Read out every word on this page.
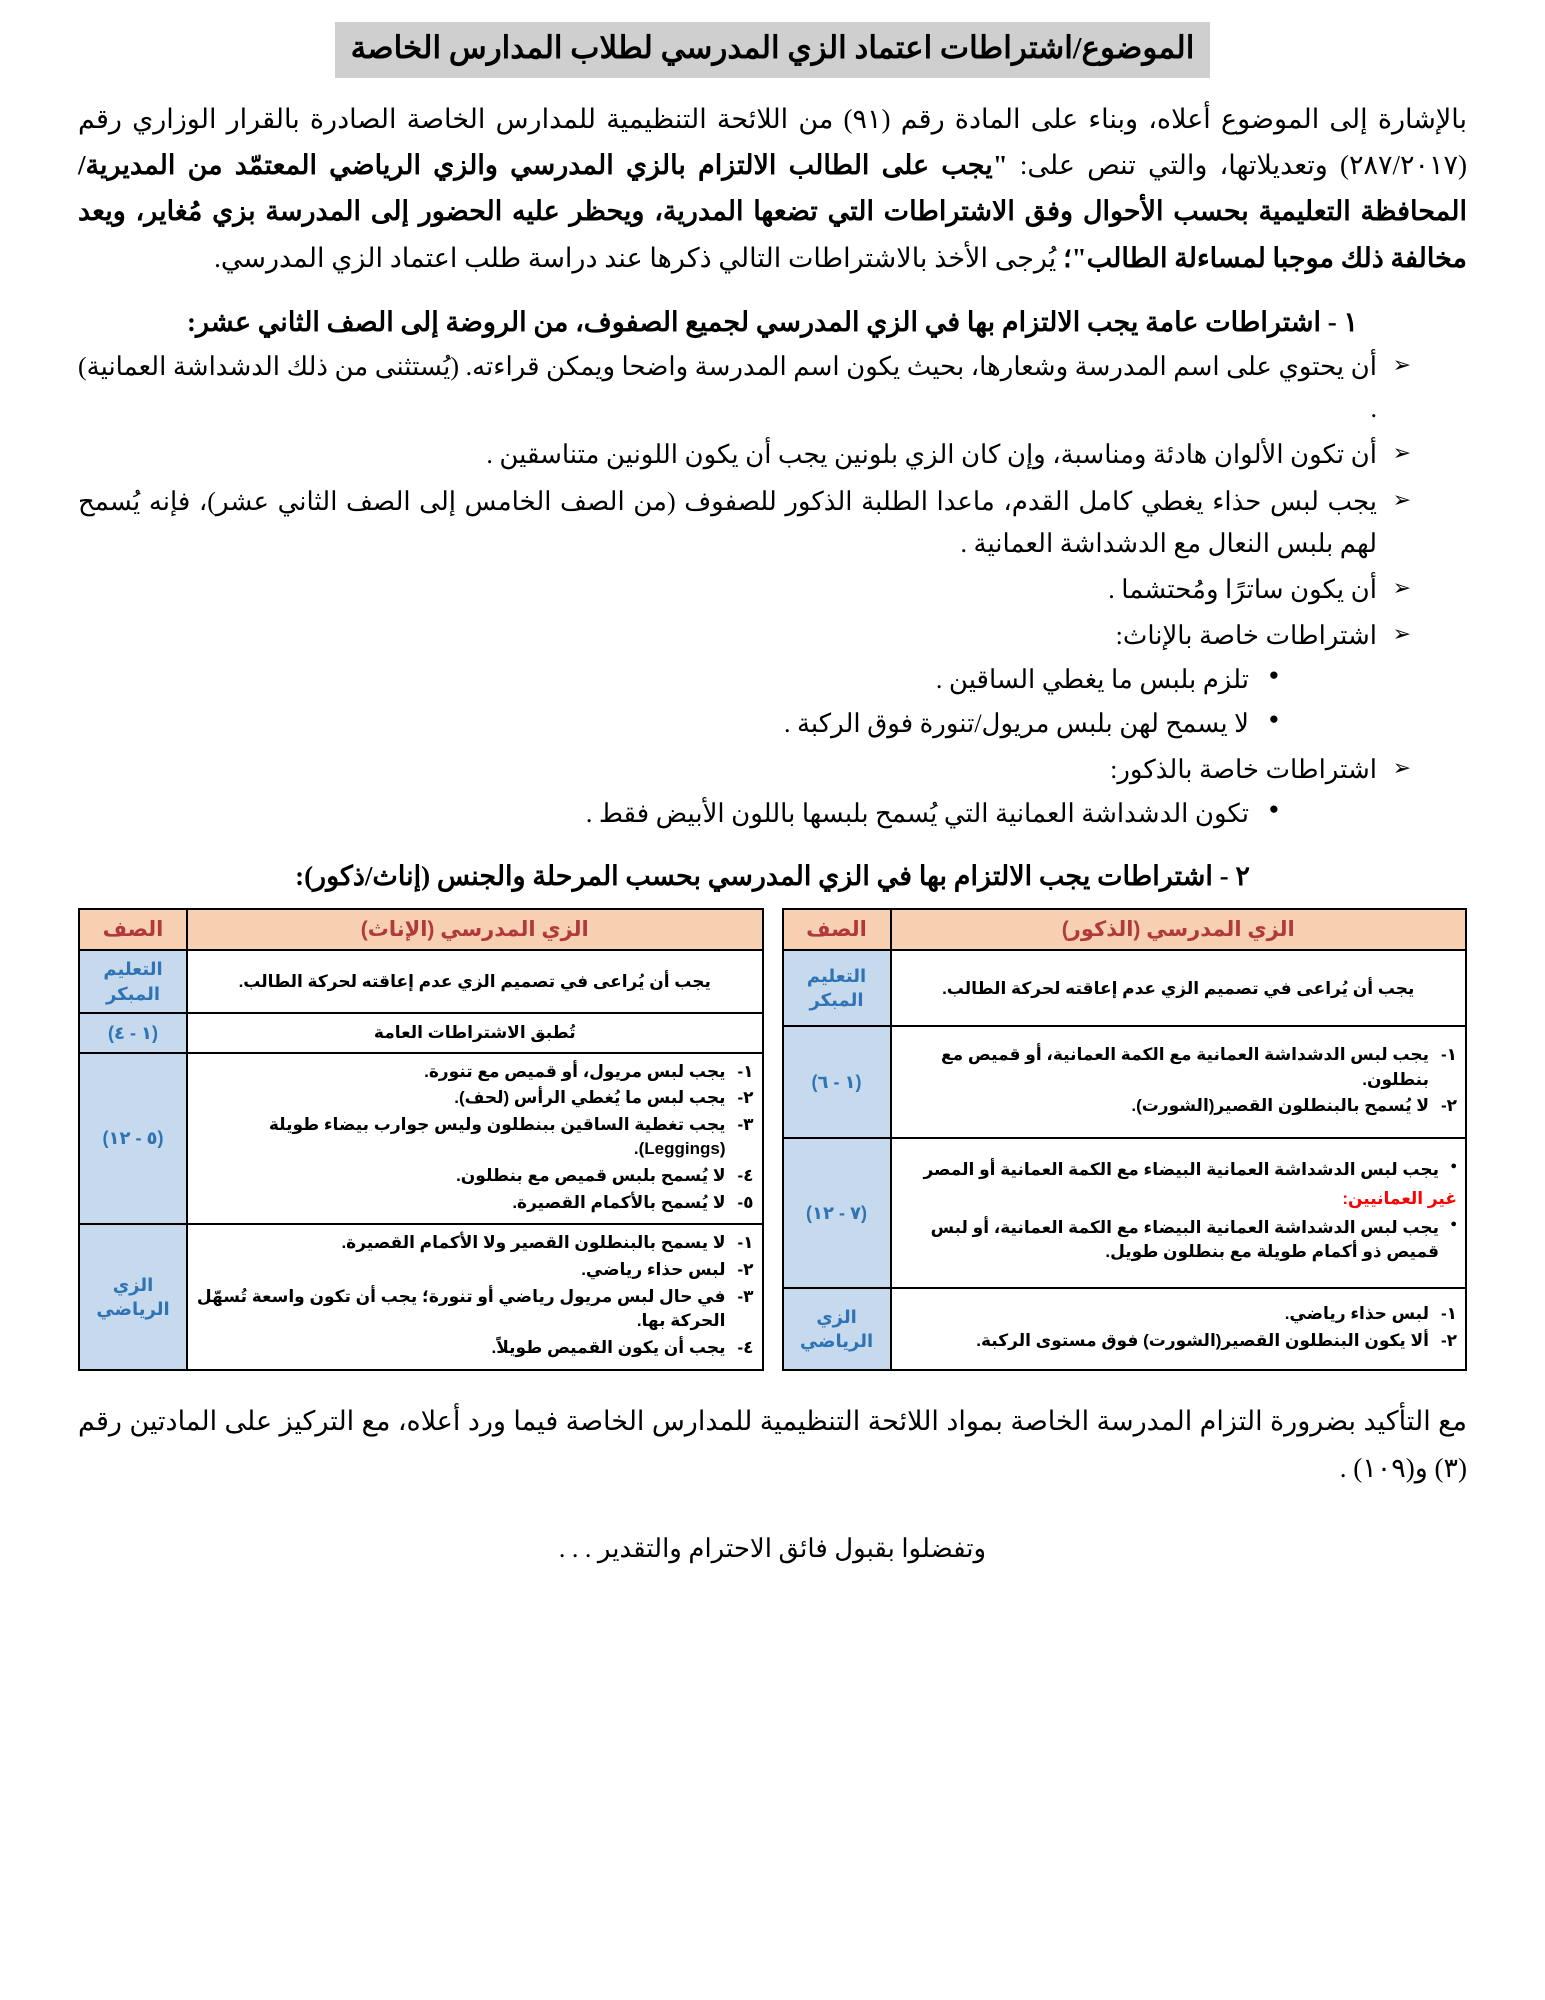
الموضوع/اشتراطات اعتماد الزي المدرسي لطلاب المدارس الخاصة

بالإشارة إلى الموضوع أعلاه، وبناء على المادة رقم (٩١) من اللائحة التنظيمية للمدارس الخاصة الصادرة بالقرار الوزاري رقم (٢٨٧/٢٠١٧) وتعديلاتها، والتي تنص على: "يجب على الطالب الالتزام بالزي المدرسي والزي الرياضي المعتمّد من المديرية/المحافظة التعليمية بحسب الأحوال وفق الاشتراطات التي تضعها المدرية، ويحظر عليه الحضور إلى المدرسة بزي مُغاير، ويعد مخالفة ذلك موجبا لمساءلة الطالب"؛ يُرجى الأخذ بالاشتراطات التالي ذكرها عند دراسة طلب اعتماد الزي المدرسي.

١ - اشتراطات عامة يجب الالتزام بها في الزي المدرسي لجميع الصفوف، من الروضة إلى الصف الثاني عشر:

➢ أن يحتوي على اسم المدرسة وشعارها، بحيث يكون اسم المدرسة واضحا ويمكن قراءته. (يُستثنى من ذلك الدشداشة العمانية) .
➢ أن تكون الألوان هادئة ومناسبة، وإن كان الزي بلونين يجب أن يكون اللونين متناسقين .
➢ يجب لبس حذاء يغطي كامل القدم، ماعدا الطلبة الذكور للصفوف (من الصف الخامس إلى الصف الثاني عشر)، فإنه يُسمح لهم بلبس النعال مع الدشداشة العمانية .
➢ أن يكون ساترًا ومُحتشما .
➢ اشتراطات خاصة بالإناث:
● تلزم بلبس ما يغطي الساقين .
● لا يسمح لهن بلبس مريول/تنورة فوق الركبة .
➢ اشتراطات خاصة بالذكور:
● تكون الدشداشة العمانية التي يُسمح بلبسها باللون الأبيض فقط .

٢ - اشتراطات يجب الالتزام بها في الزي المدرسي بحسب المرحلة والجنس (إناث/ذكور):

الزي المدرسي (الذكور)	الصف

يجب أن يُراعى في تصميم الزي عدم إعاقته لحركة الطالب.	التعليم المبكر

١-
يجب لبس الدشداشة العمانية مع الكمة العمانية، أو قميص مع بنطلون.
٢-
لا يُسمح بالبنطلون القصير(الشورت).
	(١ - ٦)

● يجب لبس الدشداشة العمانية البيضاء مع الكمة العمانية أو المصر
غير العمانيين:
● يجب لبس الدشداشة العمانية البيضاء مع الكمة العمانية، أو لبس قميص ذو أكمام طويلة مع بنطلون طويل.
	(٧ - ١٢)

١-
لبس حذاء رياضي.
٢-
ألا يكون البنطلون القصير(الشورت) فوق مستوى الركبة.
	الزي الرياضي
الزي المدرسي (الإناث)	الصف

يجب أن يُراعى في تصميم الزي عدم إعاقته لحركة الطالب.	التعليم المبكر

تُطبق الاشتراطات العامة	(١ - ٤)

١-
يجب لبس مريول، أو قميص مع تنورة.
٢-
يجب لبس ما يُغطي الرأس (لحف).
٣-
يجب تغطية الساقين ببنطلون وليس جوارب بيضاء طويلة (Leggings).
٤-
لا يُسمح بلبس قميص مع بنطلون.
٥-
لا يُسمح بالأكمام القصيرة.
	(٥ - ١٢)

١-
لا يسمح بالبنطلون القصير ولا الأكمام القصيرة.
٢-
لبس حذاء رياضي.
٣-
في حال لبس مريول رياضي أو تنورة؛ يجب أن تكون واسعة تُسهّل الحركة بها.
٤-
يجب أن يكون القميص طويلاً.
	الزي الرياضي

مع التأكيد بضرورة التزام المدرسة الخاصة بمواد اللائحة التنظيمية للمدارس الخاصة فيما ورد أعلاه، مع التركيز على المادتين رقم (٣) و(١٠٩) .

وتفضلوا بقبول فائق الاحترام والتقدير . . .
